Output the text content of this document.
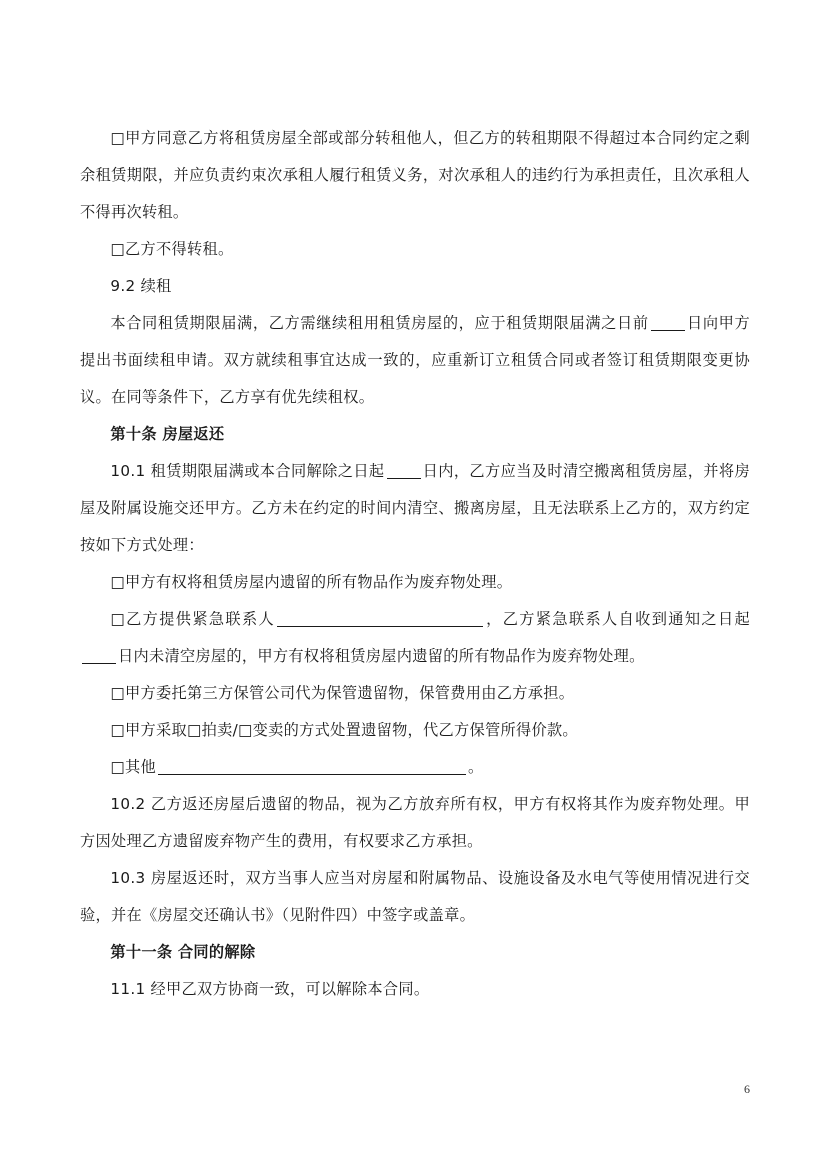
□甲方同意乙方将租赁房屋全部或部分转租他人，但乙方的转租期限不得超过本合同约定之剩余租赁期限，并应负责约束次承租人履行租赁义务，对次承租人的违约行为承担责任，且次承租人不得再次转租。

□乙方不得转租。

9.2 续租

本合同租赁期限届满，乙方需继续租用租赁房屋的，应于租赁期限届满之日前	日向甲方提出书面续租申请。双方就续租事宜达成一致的，应重新订立租赁合同或者签订租赁期限变更协议。在同等条件下，乙方享有优先续租权。

第十条 房屋返还

10.1 租赁期限届满或本合同解除之日起	日内，乙方应当及时清空搬离租赁房屋，并将房屋及附属设施交还甲方。乙方未在约定的时间内清空、搬离房屋，且无法联系上乙方的，双方约定按如下方式处理：

□甲方有权将租赁房屋内遗留的所有物品作为废弃物处理。

□乙方提供紧急联系人	，乙方紧急联系人自收到通知之日起日内未清空房屋的，甲方有权将租赁房屋内遗留的所有物品作为废弃物处理。

□甲方委托第三方保管公司代为保管遗留物，保管费用由乙方承担。

□甲方采取□拍卖/□变卖的方式处置遗留物，代乙方保管所得价款。

□其他	。

10.2 乙方返还房屋后遗留的物品，视为乙方放弃所有权，甲方有权将其作为废弃物处理。甲方因处理乙方遗留废弃物产生的费用，有权要求乙方承担。

10.3 房屋返还时，双方当事人应当对房屋和附属物品、设施设备及水电气等使用情况进行交验，并在《房屋交还确认书》（见附件四）中签字或盖章。

第十一条 合同的解除

11.1 经甲乙双方协商一致，可以解除本合同。

6
